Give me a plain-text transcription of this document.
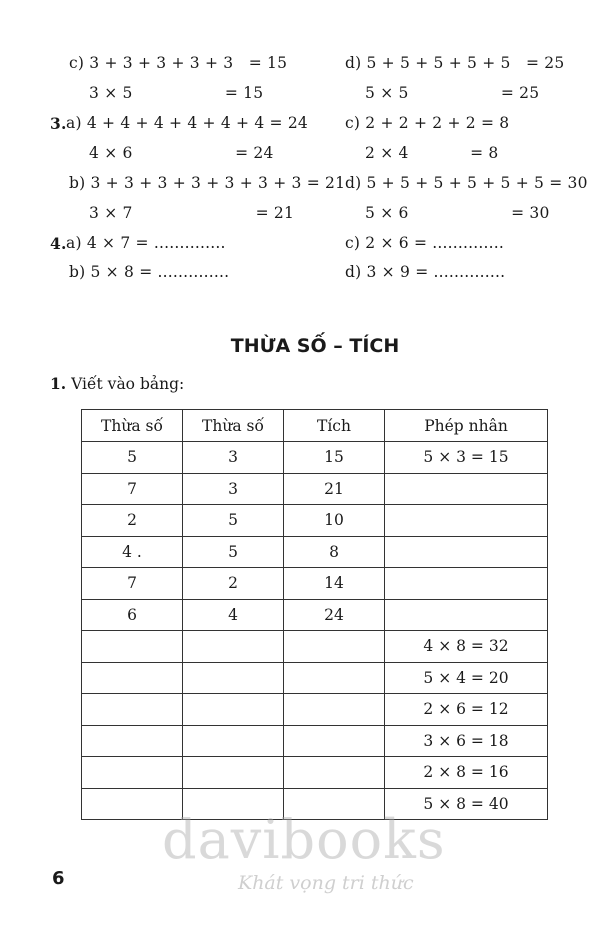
c) 3 + 3 + 3 + 3 + 3   = 15
3 × 5                  = 15
d) 5 + 5 + 5 + 5 + 5   = 25
5 × 5                  = 25
3. a) 4 + 4 + 4 + 4 + 4 + 4 = 24
4 × 6                    = 24
c) 2 + 2 + 2 + 2 = 8
2 × 4            = 8
b) 3 + 3 + 3 + 3 + 3 + 3 + 3 = 21
3 × 7                        = 21
d) 5 + 5 + 5 + 5 + 5 + 5 = 30
5 × 6                    = 30
4. a) 4 × 7 = ..............	c) 2 × 6 = ..............
b) 5 × 8 = ..............	d) 3 × 9 = ..............
THỪA SỐ – TÍCH
1. Viết vào bảng:
Thừa số	Thừa số	Tích	Phép nhân
5	3	15	5 × 3 = 15
7	3	21	
2	5	10	
4 .	5	8	
7	2	14	
6	4	24	
			4 × 8 = 32
			5 × 4 = 20
			2 × 6 = 12
			3 × 6 = 18
			2 × 8 = 16
			5 × 8 = 40
6
davibooks
Khát vọng tri thức
